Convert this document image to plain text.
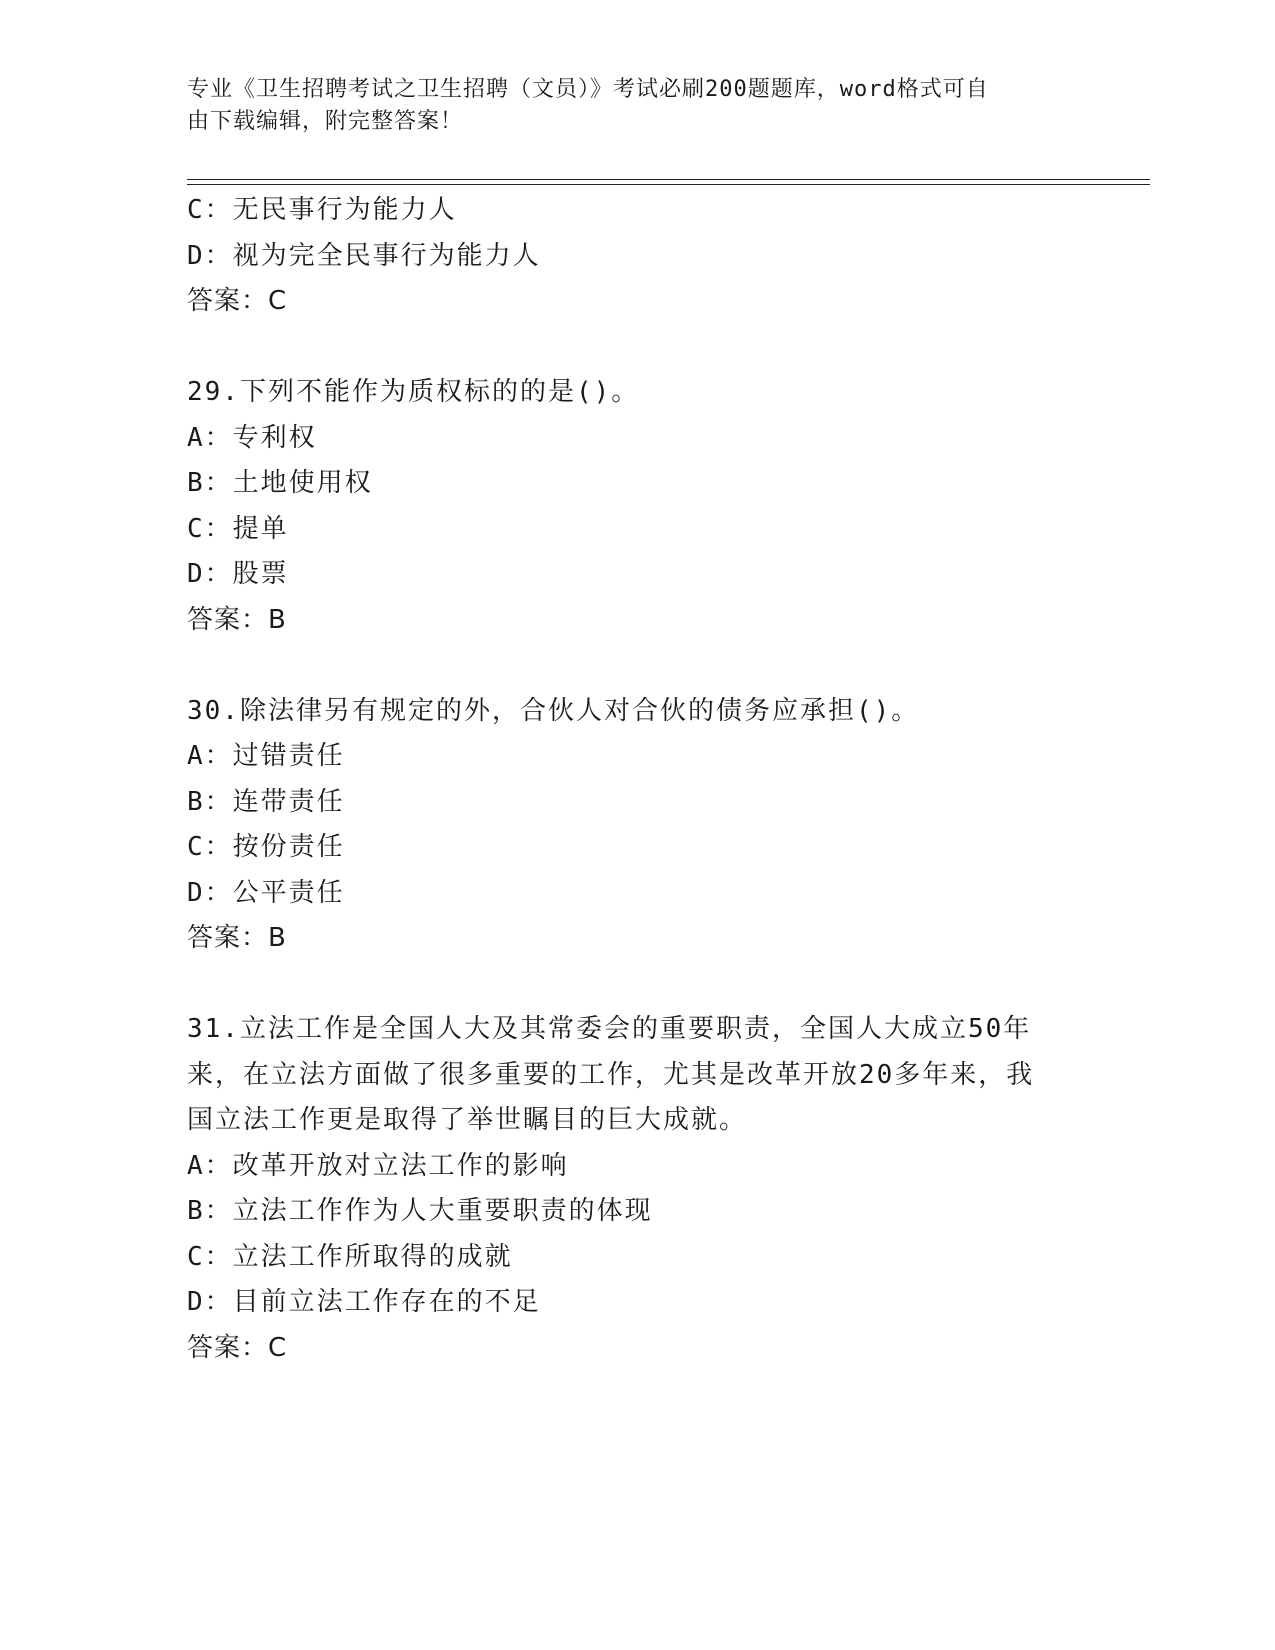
专业《卫生招聘考试之卫生招聘（文员）》考试必刷200题题库，word格式可自
由下载编辑，附完整答案！
C：无民事行为能力人
D：视为完全民事行为能力人
答案：C
29.下列不能作为质权标的的是()。
A：专利权
B：土地使用权
C：提单
D：股票
答案：B
30.除法律另有规定的外，合伙人对合伙的债务应承担()。
A：过错责任
B：连带责任
C：按份责任
D：公平责任
答案：B
31.立法工作是全国人大及其常委会的重要职责，全国人大成立50年
来，在立法方面做了很多重要的工作，尤其是改革开放20多年来，我
国立法工作更是取得了举世瞩目的巨大成就。
A：改革开放对立法工作的影响
B：立法工作作为人大重要职责的体现
C：立法工作所取得的成就
D：目前立法工作存在的不足
答案：C
